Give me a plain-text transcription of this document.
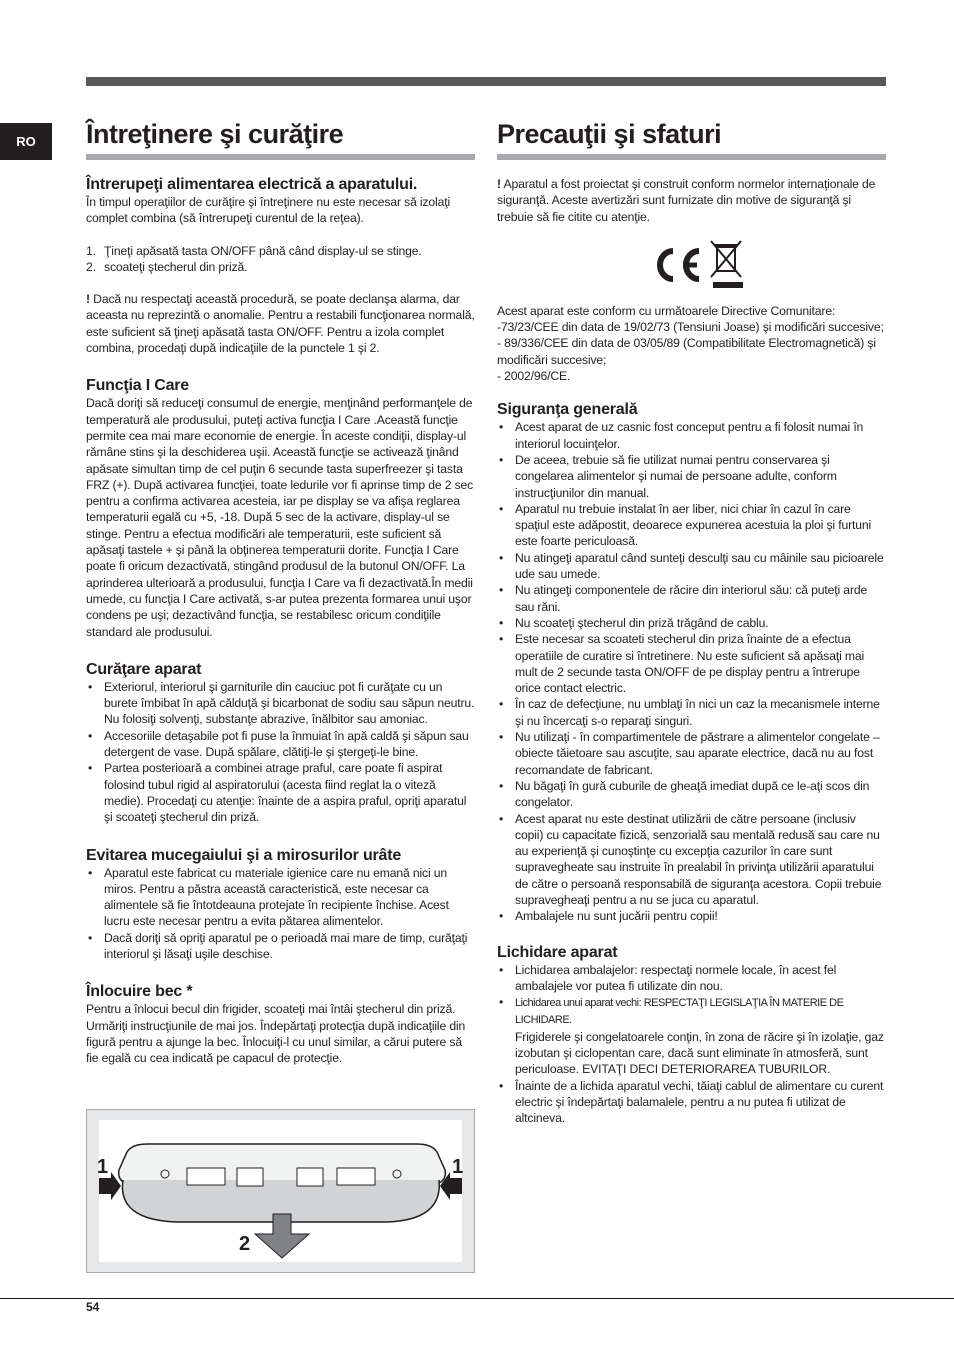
RO	Întreţinere şi curăţire
Întrerupeţi alimentarea electrică a aparatului.

În timpul operaţiilor de curăţire şi întreţinere nu este necesar să izolaţi complet combina (să întrerupeţi curentul de la reţea).

1. Ţineţi apăsată tasta ON/OFF până când display-ul se stinge.
2. scoateţi ştecherul din priză.

! Dacă nu respectaţi această procedură, se poate declanşa alarma, dar aceasta nu reprezintă o anomalie. Pentru a restabili funcţionarea normală, este suficient să ţineţi apăsată tasta ON/OFF. Pentru a izola complet combina, procedaţi după indicaţiile de la punctele 1 şi 2.

Funcţia I Care

Dacă doriţi să reduceţi consumul de energie, menţinând performanţele de temperatură ale produsului, puteţi activa funcţia I Care .Această funcţie permite cea mai mare economie de energie. În aceste condiţii, display-ul rămâne stins şi la deschiderea uşii. Această funcţie se activează ţinând apăsate simultan timp de cel puţin 6 secunde tasta superfreezer şi tasta FRZ (+). După activarea funcţiei, toate ledurile vor fi aprinse timp de 2 sec pentru a confirma activarea acesteia, iar pe display se va afişa reglarea temperaturii egală cu +5, -18. După 5 sec de la activare, display-ul se stinge. Pentru a efectua modificări ale temperaturii, este suficient să apăsaţi tastele + şi până la obţinerea temperaturii dorite. Funcţia I Care poate fi oricum dezactivată, stingând produsul de la butonul ON/OFF. La aprinderea ulterioară a produsului, funcţia I Care va fi dezactivată.În medii umede, cu funcţia I Care activată, s-ar putea prezenta formarea unui uşor condens pe uşi; dezactivând funcţia, se restabilesc oricum condiţiile standard ale produsului.

Curăţare aparat
• Exteriorul, interiorul şi garniturile din cauciuc pot fi curăţate cu un burete îmbibat în apă călduţă şi bicarbonat de sodiu sau săpun neutru. Nu folosiţi solvenţi, substanţe abrazive, înălbitor sau amoniac.
• Accesoriile detaşabile pot fi puse la înmuiat în apă caldă şi săpun sau detergent de vase. După spălare, clătiţi-le şi ştergeţi-le bine.
• Partea posterioară a combinei atrage praful, care poate fi aspirat folosind tubul rigid al aspiratorului (acesta fiind reglat la o viteză medie). Procedaţi cu atenţie: înainte de a aspira praful, opriţi aparatul şi scoateţi ştecherul din priză.
Evitarea mucegaiului şi a mirosurilor urâte
• Aparatul este fabricat cu materiale igienice care nu emană nici un miros. Pentru a păstra această caracteristică, este necesar ca alimentele să fie întotdeauna protejate în recipiente închise. Acest lucru este necesar pentru a evita pătarea alimentelor.
• Dacă doriţi să opriţi aparatul pe o perioadă mai mare de timp, curăţaţi interiorul şi lăsaţi uşile deschise.
Înlocuire bec *

Pentru a înlocui becul din frigider, scoateţi mai întâi ştecherul din priză. Urmăriţi instrucţiunile de mai jos. Îndepărtaţi protecţia după indicaţiile din figură pentru a ajunge la bec. Înlocuiţi-l cu unul similar, a cărui putere să fie egală cu cea indicată pe capacul de protecţie.

1	1
2
Precauţii şi sfaturi

! Aparatul a fost proiectat şi construit conform normelor internaţionale de siguranţă. Aceste avertizări sunt furnizate din motive de siguranţă şi trebuie să fie citite cu atenţie.

Acest aparat este conform cu următoarele Directive Comunitare:

-73/23/CEE din data de 19/02/73 (Tensiuni Joase) şi modificări succesive;

- 89/336/CEE din data de 03/05/89 (Compatibilitate Electromagnetică) şi modificări succesive;

- 2002/96/CE.

Siguranţa generală
• Acest aparat de uz casnic fost conceput pentru a fi folosit numai în interiorul locuinţelor.
• De aceea, trebuie să fie utilizat numai pentru conservarea şi congelarea alimentelor şi numai de persoane adulte, conform instrucţiunilor din manual.
• Aparatul nu trebuie instalat în aer liber, nici chiar în cazul în care spaţiul este adăpostit, deoarece expunerea acestuia la ploi şi furtuni este foarte periculoasă.
• Nu atingeţi aparatul când sunteţi desculţi sau cu mâinile sau picioarele ude sau umede.
• Nu atingeţi componentele de răcire din interiorul său: că puteţi arde sau răni.
• Nu scoateţi ştecherul din priză trăgând de cablu.
• Este necesar sa scoateti stecherul din priza înainte de a efectua operatiile de curatire si întretinere. Nu este suficient să apăsaţi mai mult de 2 secunde tasta ON/OFF de pe display pentru a întrerupe orice contact electric.
• În caz de defecţiune, nu umblaţi în nici un caz la mecanismele interne şi nu încercaţi s-o reparaţi singuri.
• Nu utilizaţi - în compartimentele de păstrare a alimentelor congelate – obiecte tăietoare sau ascuţite, sau aparate electrice, dacă nu au fost recomandate de fabricant.
• Nu băgaţi în gură cuburile de gheaţă imediat după ce le-aţi scos din congelator.
• Acest aparat nu este destinat utilizării de către persoane (inclusiv copii) cu capacitate fizică, senzorială sau mentală redusă sau care nu au experienţă şi cunoştinţe cu excepţia cazurilor în care sunt supravegheate sau instruite în prealabil în privinţa utilizării aparatului de către o persoană responsabilă de siguranţa acestora. Copii trebuie supravegheaţi pentru a nu se juca cu aparatul.
• Ambalajele nu sunt jucării pentru copii!
Lichidare aparat
• Lichidarea ambalajelor: respectaţi normele locale, în acest fel ambalajele vor putea fi utilizate din nou.
• Lichidarea unui aparat vechi: RESPECTAŢI LEGISLAŢIA ÎN MATERIE DE LICHIDARE.
Frigiderele şi congelatoarele conţin, în zona de răcire şi în izolaţie, gaz izobutan şi ciclopentan care, dacă sunt eliminate în atmosferă, sunt periculoase. EVITAŢI DECI DETERIORAREA TUBURILOR.
• Înainte de a lichida aparatul vechi, tăiaţi cablul de alimentare cu curent electric şi îndepărtaţi balamalele, pentru a nu putea fi utilizat de altcineva.
54
